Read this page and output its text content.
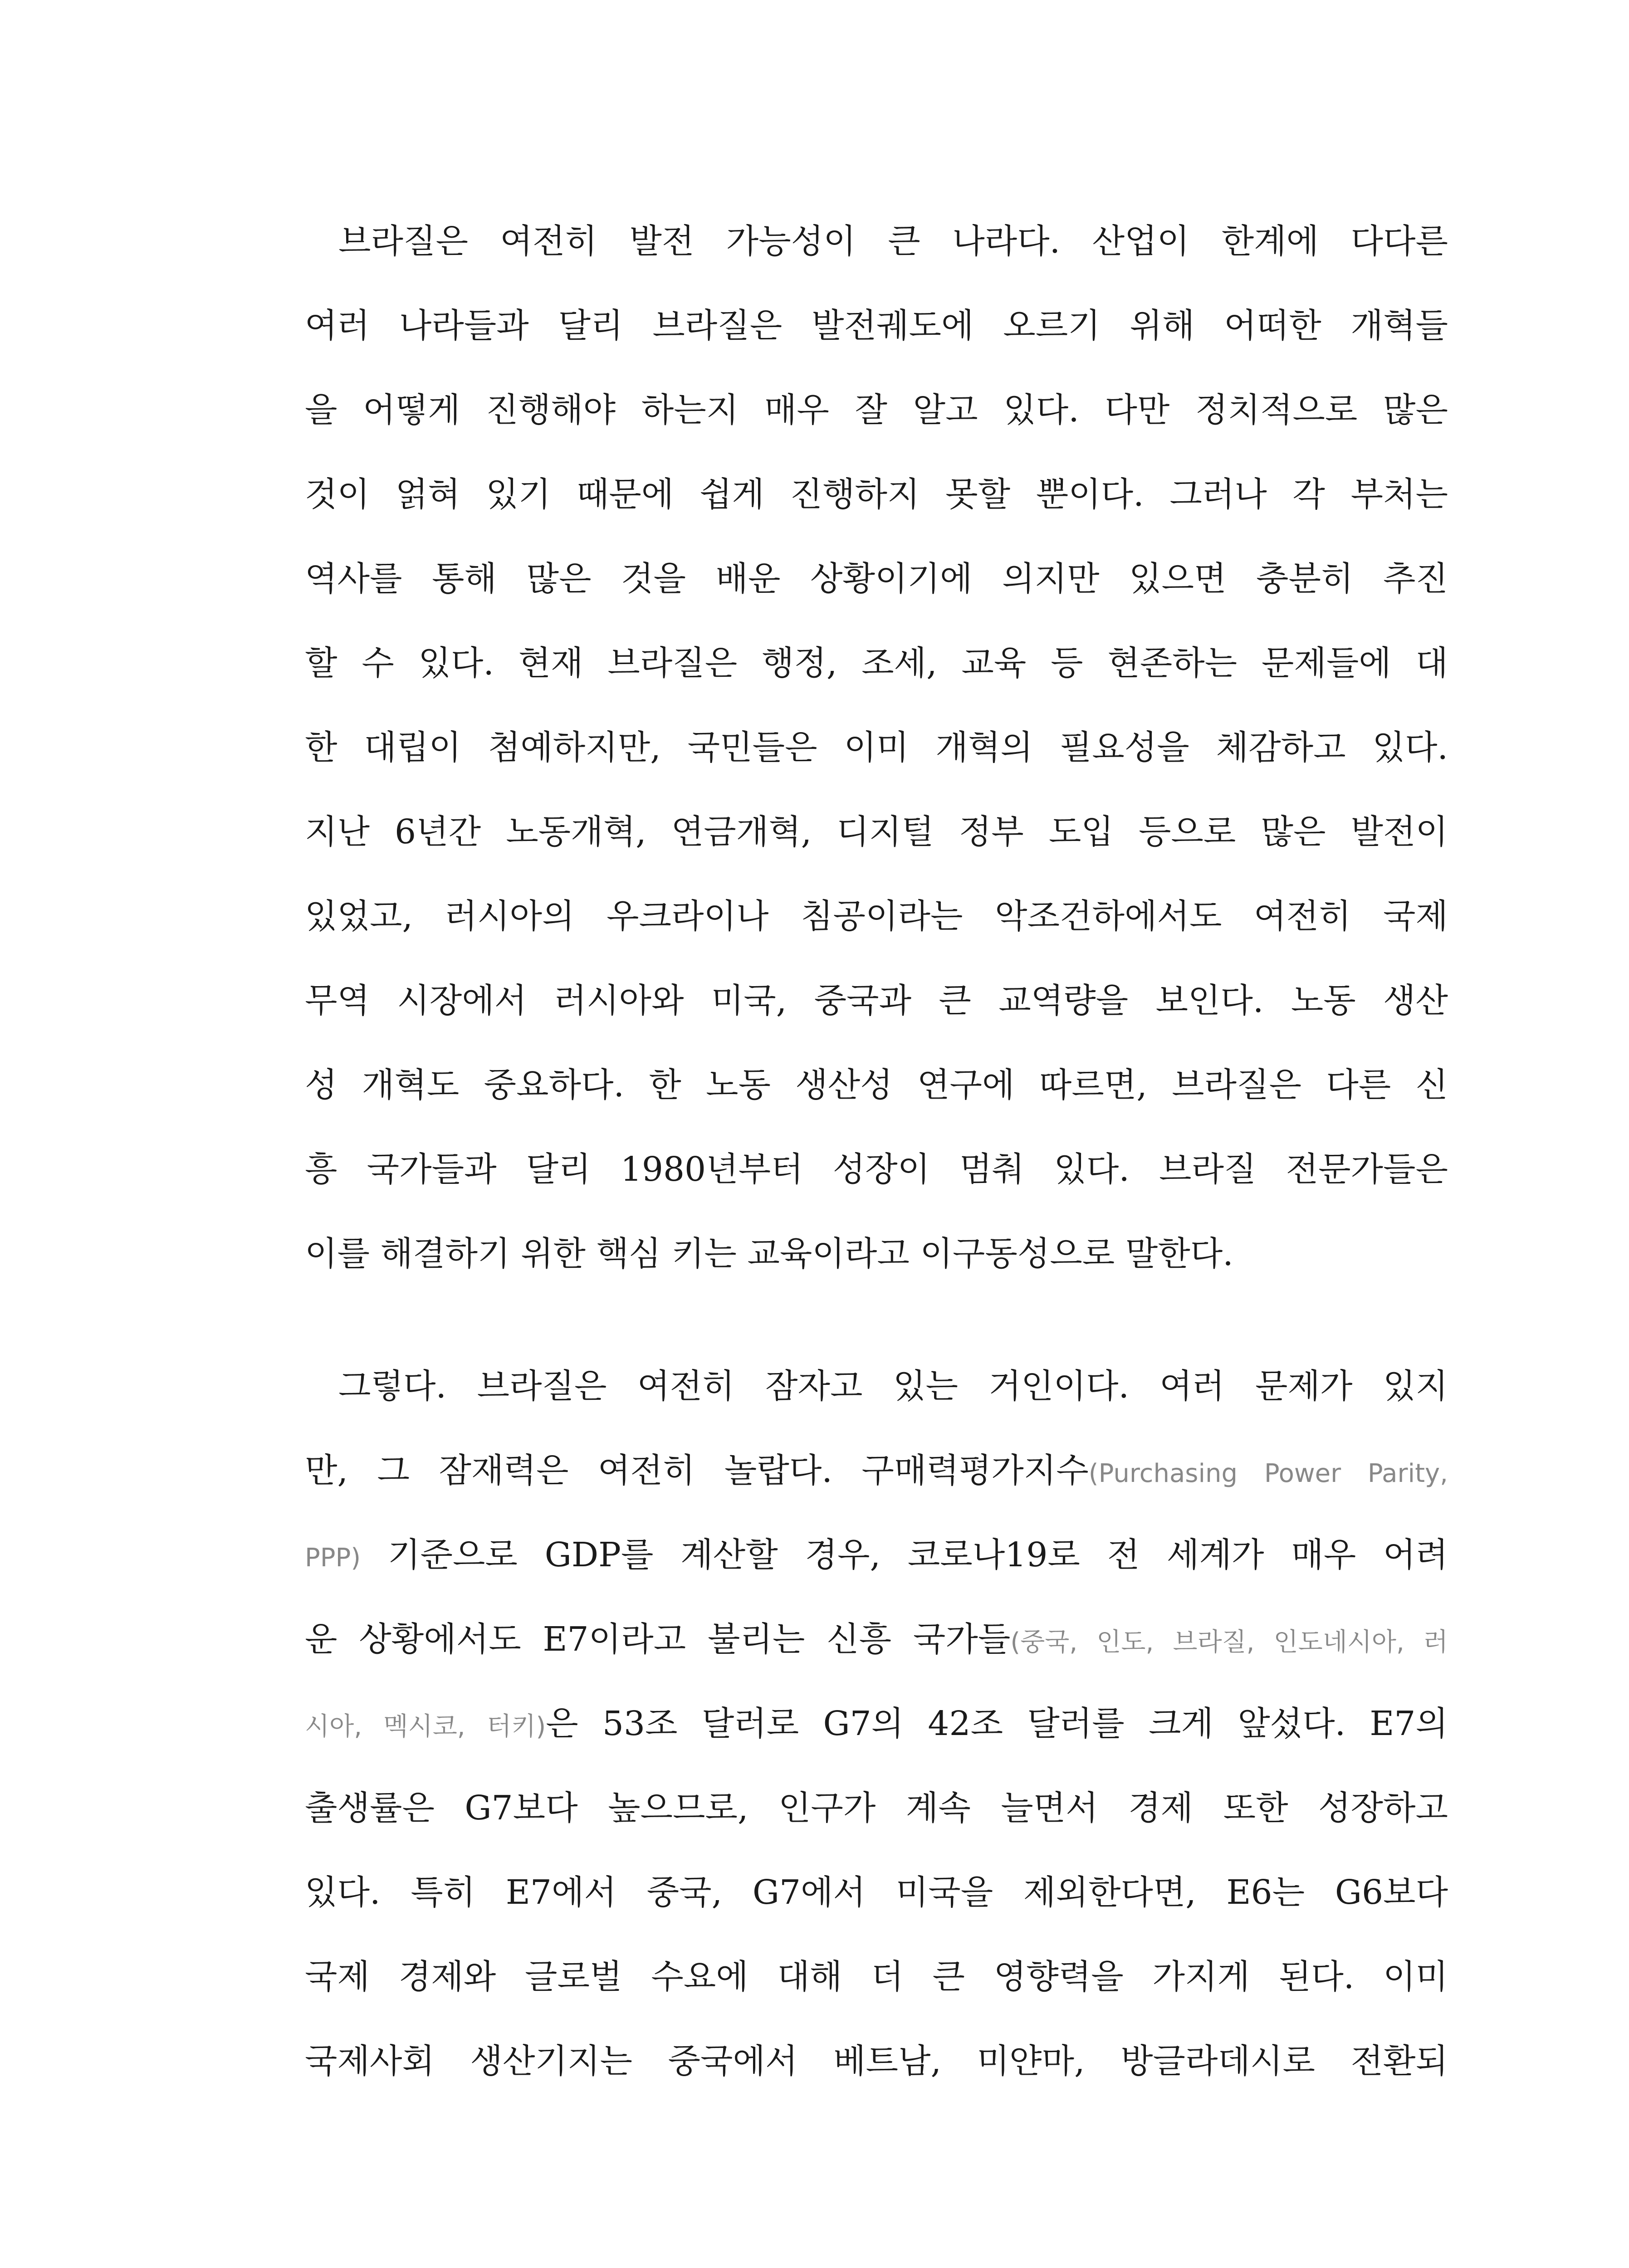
브라질은 여전히 발전 가능성이 큰 나라다. 산업이 한계에 다다른
여러 나라들과 달리 브라질은 발전궤도에 오르기 위해 어떠한 개혁들
을 어떻게 진행해야 하는지 매우 잘 알고 있다. 다만 정치적으로 많은
것이 얽혀 있기 때문에 쉽게 진행하지 못할 뿐이다. 그러나 각 부처는
역사를 통해 많은 것을 배운 상황이기에 의지만 있으면 충분히 추진
할 수 있다. 현재 브라질은 행정, 조세, 교육 등 현존하는 문제들에 대
한 대립이 첨예하지만, 국민들은 이미 개혁의 필요성을 체감하고 있다.
지난 6년간 노동개혁, 연금개혁, 디지털 정부 도입 등으로 많은 발전이
있었고, 러시아의 우크라이나 침공이라는 악조건하에서도 여전히 국제
무역 시장에서 러시아와 미국, 중국과 큰 교역량을 보인다. 노동 생산
성 개혁도 중요하다. 한 노동 생산성 연구에 따르면, 브라질은 다른 신
흥 국가들과 달리 1980년부터 성장이 멈춰 있다. 브라질 전문가들은
이를 해결하기 위한 핵심 키는 교육이라고 이구동성으로 말한다.
그렇다. 브라질은 여전히 잠자고 있는 거인이다. 여러 문제가 있지
만, 그 잠재력은 여전히 놀랍다. 구매력평가지수(Purchasing Power Parity,
PPP) 기준으로 GDP를 계산할 경우, 코로나19로 전 세계가 매우 어려
운 상황에서도 E7이라고 불리는 신흥 국가들(중국, 인도, 브라질, 인도네시아, 러
시아, 멕시코, 터키)은 53조 달러로 G7의 42조 달러를 크게 앞섰다. E7의
출생률은 G7보다 높으므로, 인구가 계속 늘면서 경제 또한 성장하고
있다. 특히 E7에서 중국, G7에서 미국을 제외한다면, E6는 G6보다
국제 경제와 글로벌 수요에 대해 더 큰 영향력을 가지게 된다. 이미
국제사회 생산기지는 중국에서 베트남, 미얀마, 방글라데시로 전환되
